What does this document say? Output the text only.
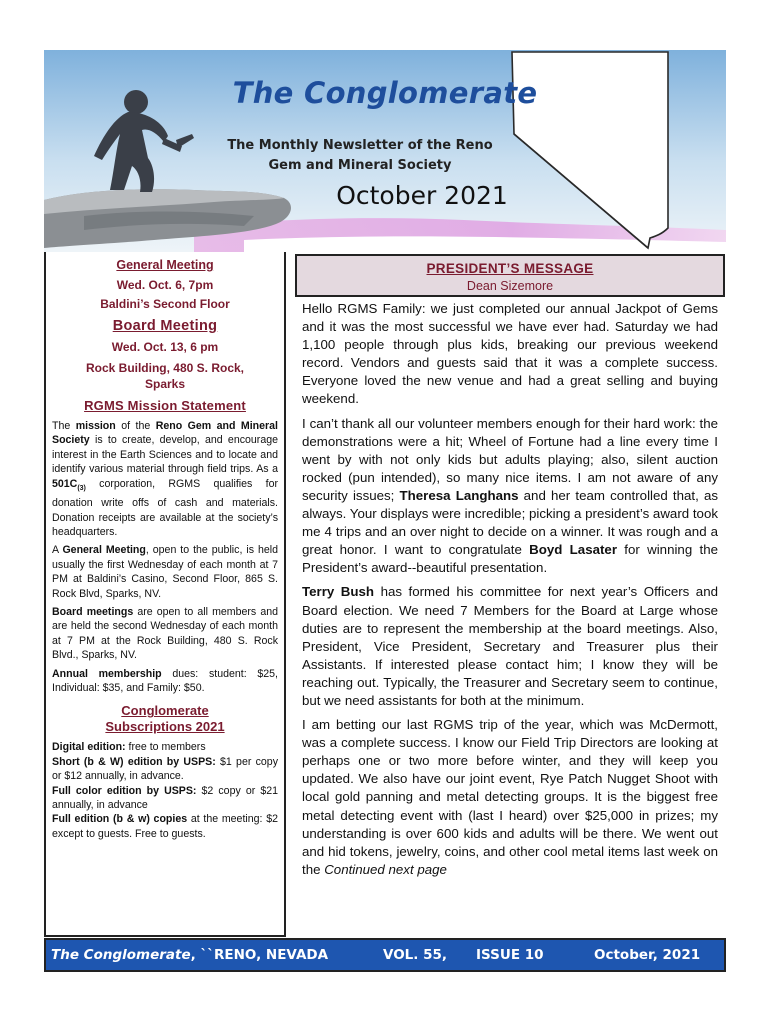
The Conglomerate
The Monthly Newsletter of the Reno
Gem and Mineral Society
October 2021
General Meeting
Wed. Oct. 6, 7pm
Baldini’s Second Floor
Board Meeting
Wed. Oct. 13, 6 pm
Rock Building, 480 S. Rock,
Sparks
RGMS Mission Statement
The mission of the Reno Gem and Mineral Society is to create, develop, and encourage interest in the Earth Sciences and to locate and identify various material through field trips. As a $501C_{(3)}$ corporation, RGMS qualifies for donation write offs of cash and materials. Donation receipts are available at the society’s headquarters.
A General Meeting, open to the public, is held usually the first Wednesday of each month at 7 PM at Baldini’s Casino, Second Floor, 865 S. Rock Blvd, Sparks, NV.
Board meetings are open to all members and are held the second Wednesday of each month at 7 PM at the Rock Building, 480 S. Rock Blvd., Sparks, NV.
Annual membership dues: student: $25, Individual: $35, and Family: $50.
Conglomerate
Subscriptions 2021
Digital edition: free to members
Short (b & W) edition by USPS: $1 per copy or $12 annually, in advance.
Full color edition by USPS: $2 copy or $21 annually, in advance
Full edition (b & w) copies at the meeting: $2 except to guests. Free to guests.
PRESIDENT’S MESSAGE
Dean Sizemore

Hello RGMS Family: we just completed our annual Jackpot of Gems and it was the most successful we have ever had. Saturday we had 1,100 people through plus kids, breaking our previous weekend record. Vendors and guests said that it was a complete success. Everyone loved the new venue and had a great selling and buying weekend.

I can’t thank all our volunteer members enough for their hard work: the demonstrations were a hit; Wheel of Fortune had a line every time I went by with not only kids but adults playing; also, silent auction rocked (pun intended), so many nice items. I am not aware of any security issues; Theresa Langhans and her team controlled that, as always. Your displays were incredible; picking a president’s award took me 4 trips and an over night to decide on a winner. It was rough and a great honor. I want to congratulate Boyd Lasater for winning the President’s award--beautiful presentation.

Terry Bush has formed his committee for next year’s Officers and Board election. We need 7 Members for the Board at Large whose duties are to represent the membership at the board meetings. Also, President, Vice President, Secretary and Treasurer plus their Assistants. If interested please contact him; I know they will be reaching out. Typically, the Treasurer and Secretary seem to continue, but we need assistants for both at the minimum.

I am betting our last RGMS trip of the year, which was McDermott, was a complete success. I know our Field Trip Directors are looking at perhaps one or two more before winter, and they will keep you updated. We also have our joint event, Rye Patch Nugget Shoot with local gold panning and metal detecting groups. It is the biggest free metal detecting event with (last I heard) over $25,000 in prizes; my understanding is over 600 kids and adults will be there. We went out and hid tokens, jewelry, coins, and other cool metal items last week on the Continued next page

The Conglomerate, ``RENO, NEVADA	VOL. 55, ISSUE 10	October, 2021
